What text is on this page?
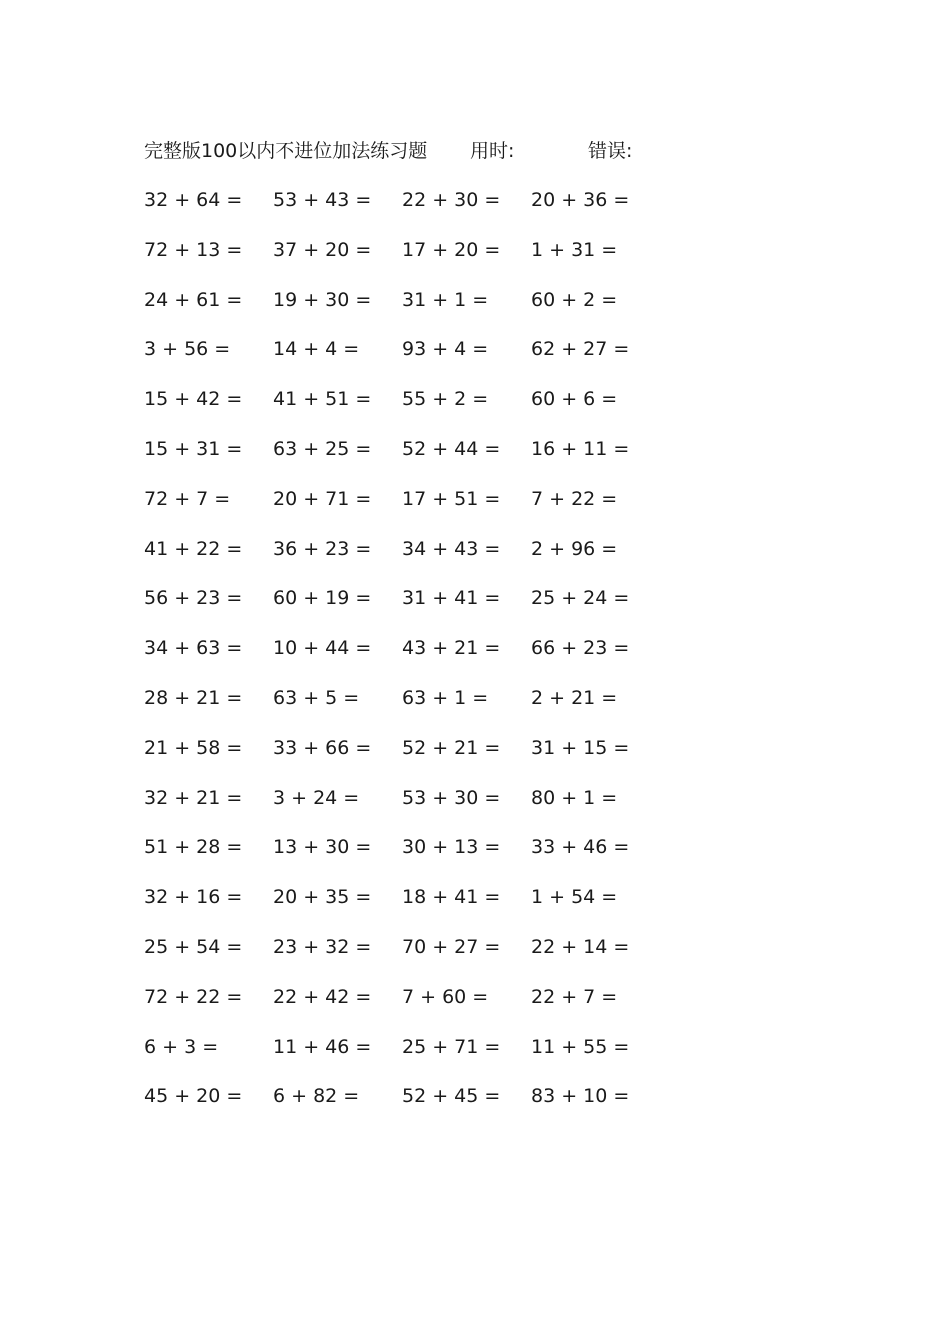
完整版100以内不进位加法练习题 用时:	错误:
32 + 64 =	53 + 43 =	22 + 30 =	20 + 36 =
72 + 13 =	37 + 20 =	17 + 20 =	1 + 31 =
24 + 61 =	19 + 30 =	31 + 1 =	60 + 2 =
3 + 56 =	14 + 4 =	93 + 4 =	62 + 27 =
15 + 42 =	41 + 51 =	55 + 2 =	60 + 6 =
15 + 31 =	63 + 25 =	52 + 44 =	16 + 11 =
72 + 7 =	20 + 71 =	17 + 51 =	7 + 22 =
41 + 22 =	36 + 23 =	34 + 43 =	2 + 96 =
56 + 23 =	60 + 19 =	31 + 41 =	25 + 24 =
34 + 63 =	10 + 44 =	43 + 21 =	66 + 23 =
28 + 21 =	63 + 5 =	63 + 1 =	2 + 21 =
21 + 58 =	33 + 66 =	52 + 21 =	31 + 15 =
32 + 21 =	3 + 24 =	53 + 30 =	80 + 1 =
51 + 28 =	13 + 30 =	30 + 13 =	33 + 46 =
32 + 16 =	20 + 35 =	18 + 41 =	1 + 54 =
25 + 54 =	23 + 32 =	70 + 27 =	22 + 14 =
72 + 22 =	22 + 42 =	7 + 60 =	22 + 7 =
6 + 3 =	11 + 46 =	25 + 71 =	11 + 55 =
45 + 20 =	6 + 82 =	52 + 45 =	83 + 10 =
